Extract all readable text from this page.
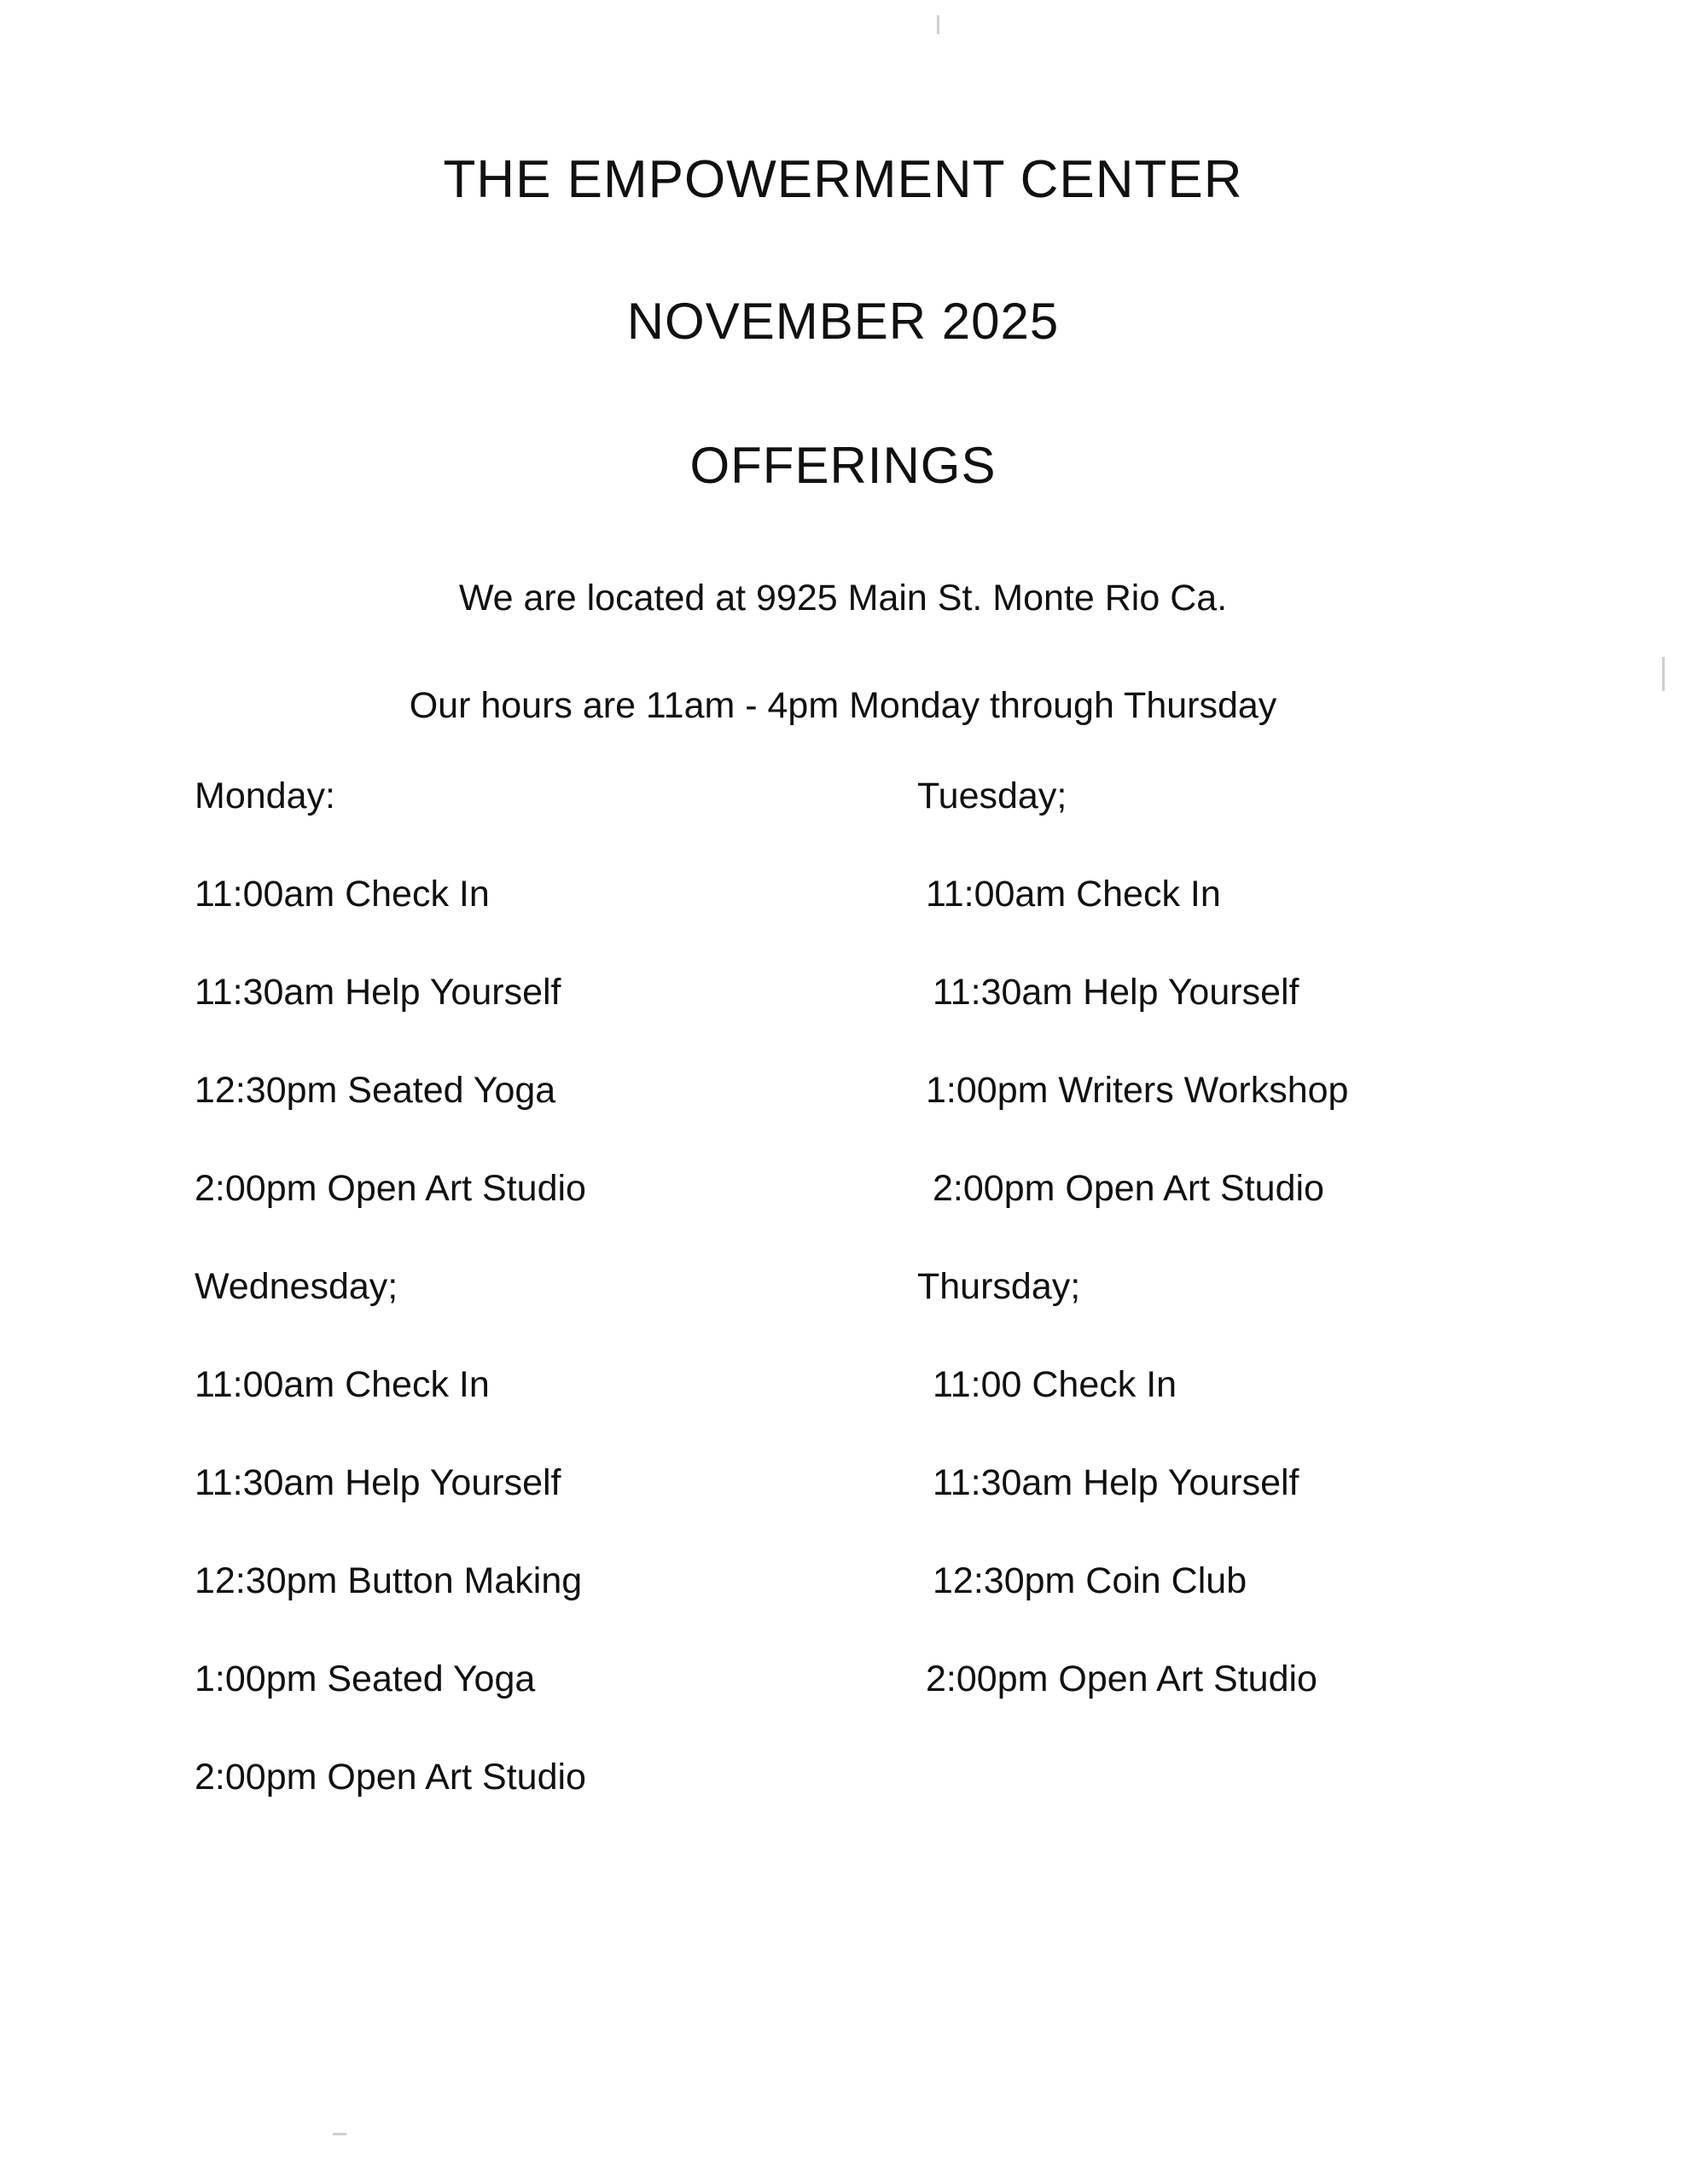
THE EMPOWERMENT CENTER
NOVEMBER 2025
OFFERINGS
We are located at 9925 Main St. Monte Rio Ca.
Our hours are 11am - 4pm Monday through Thursday
Monday:
11:00am Check In
11:30am Help Yourself
12:30pm Seated Yoga
2:00pm Open Art Studio
Wednesday;
11:00am Check In
11:30am Help Yourself
12:30pm Button Making
1:00pm Seated Yoga
2:00pm Open Art Studio
Tuesday;
11:00am Check In
11:30am Help Yourself
1:00pm Writers Workshop
2:00pm Open Art Studio
Thursday;
11:00 Check In
11:30am Help Yourself
12:30pm Coin Club
2:00pm Open Art Studio
